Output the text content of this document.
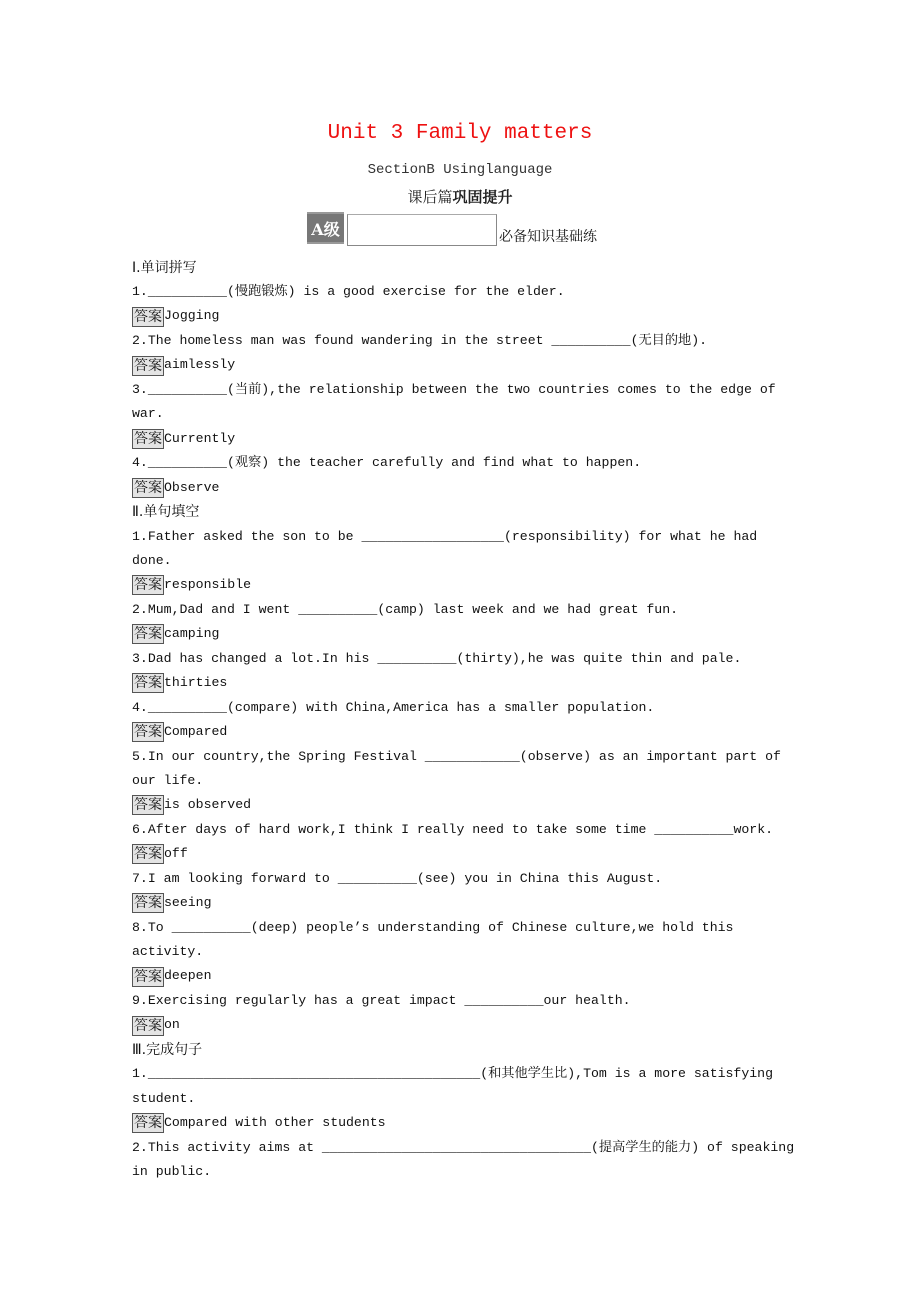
Unit 3 Family matters
SectionB Usinglanguage
课后篇巩固提升
A级	必备知识基础练
Ⅰ.单词拼写
1.__________(慢跑锻炼) is a good exercise for the elder.
答案 Jogging
2.The homeless man was found wandering in the street __________(无目的地).
答案 aimlessly
3.__________(当前),the relationship between the two countries comes to the edge of war.
答案 Currently
4.__________(观察) the teacher carefully and find what to happen.
答案 Observe
Ⅱ.单句填空
1.Father asked the son to be __________________(responsibility) for what he had done.
答案 responsible
2.Mum,Dad and I went __________(camp) last week and we had great fun.
答案 camping
3.Dad has changed a lot.In his __________(thirty),he was quite thin and pale.
答案 thirties
4.__________(compare) with China,America has a smaller population.
答案 Compared
5.In our country,the Spring Festival ____________(observe) as an important part of our life.
答案 is observed
6.After days of hard work,I think I really need to take some time __________work.
答案 off
7.I am looking forward to __________(see) you in China this August.
答案 seeing
8.To __________(deep) people’s understanding of Chinese culture,we hold this activity.
答案 deepen
9.Exercising regularly has a great impact __________our health.
答案 on
Ⅲ.完成句子
1.__________________________________________(和其他学生比),Tom is a more satisfying student.
答案 Compared with other students
2.This activity aims at __________________________________(提高学生的能力) of speaking in public.
